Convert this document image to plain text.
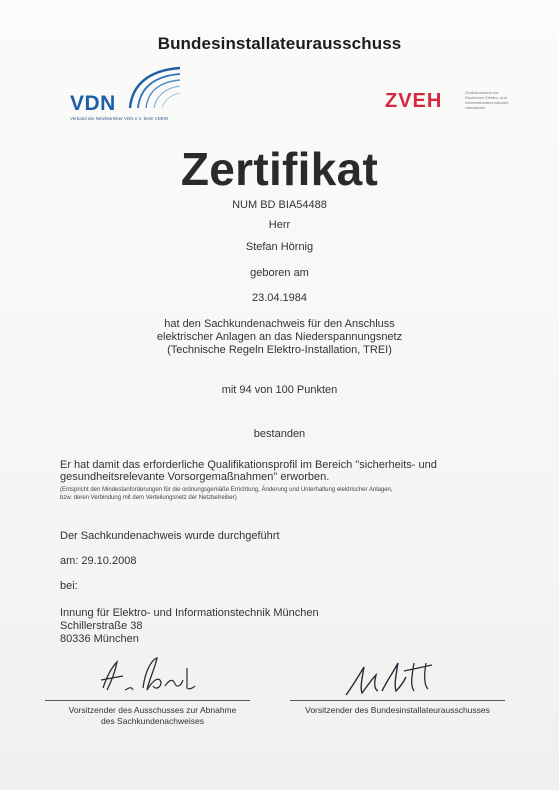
Bundesinstallateurausschuss
VDN
Verband der Netzbetreiber VDN e.V. beim VDEW
ZVEH	Zentralverband der Deutschen Elektro- und Informationstechnischen Handwerke
Zertifikat
NUM BD BIA54488
Herr
Stefan Hörnig
geboren am
23.04.1984
hat den Sachkundenachweis für den Anschluss
elektrischer Anlagen an das Niederspannungsnetz
(Technische Regeln Elektro-Installation, TREI)
mit 94 von 100 Punkten
bestanden
Er hat damit das erforderliche Qualifikationsprofil im Bereich "sicherheits- und
gesundheitsrelevante Vorsorgemaßnahmen" erworben.
(Entspricht den Mindestanforderungen für die ordnungsgemäße Errichtung, Änderung und Unterhaltung elektrischer Anlagen,
bzw. deren Verbindung mit dem Verteilungsnetz der Netzbetreiber)
Der Sachkundenachweis wurde durchgeführt
am: 29.10.2008
bei:
Innung für Elektro- und Informationstechnik München
Schillerstraße 38
80336 München
Vorsitzender des Ausschusses zur Abnahme
des Sachkundenachweises
Vorsitzender des Bundesinstallateurausschusses
